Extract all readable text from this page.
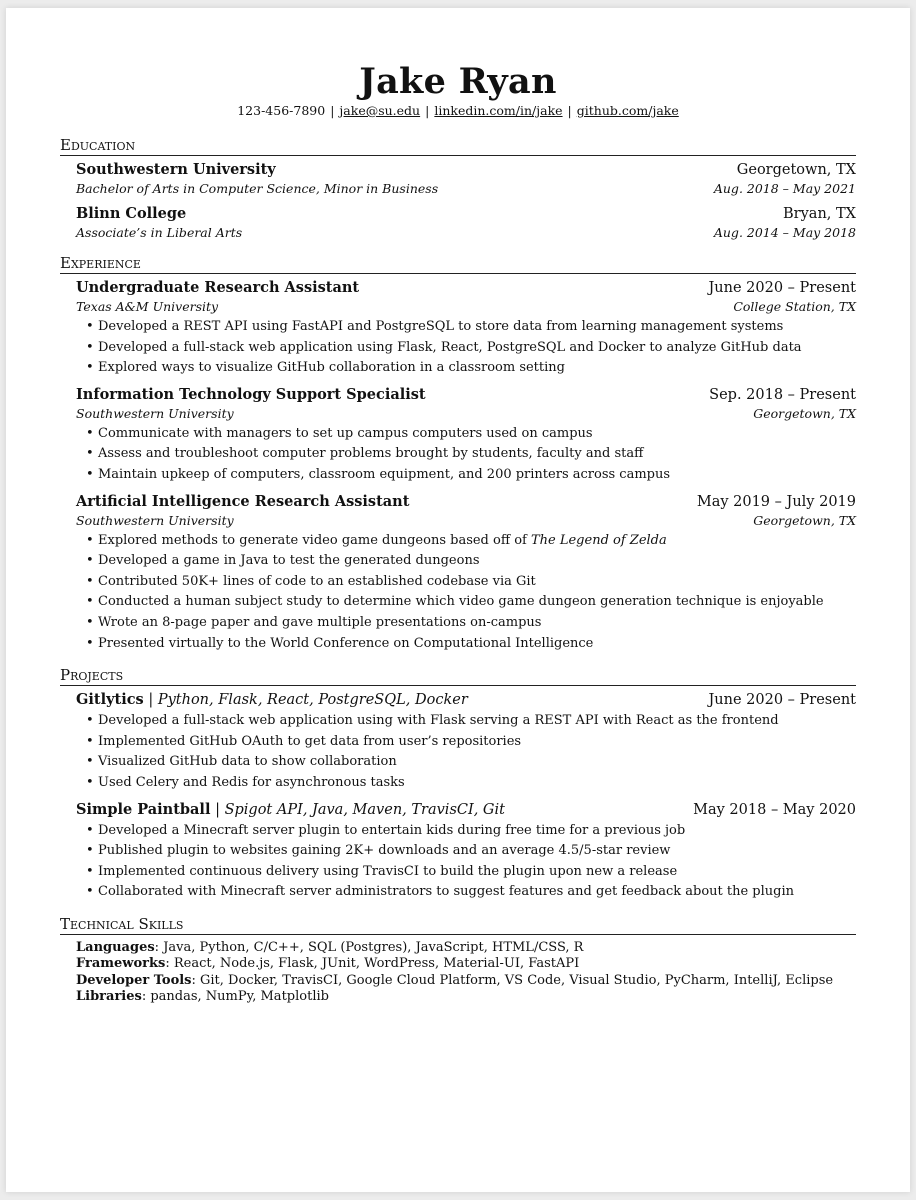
Jake Ryan
123-456-7890 | jake@su.edu | linkedin.com/in/jake | github.com/jake
Education
Southwestern University	Georgetown, TX
Bachelor of Arts in Computer Science, Minor in Business	Aug. 2018 – May 2021
Blinn College	Bryan, TX
Associate’s in Liberal Arts	Aug. 2014 – May 2018
Experience
Undergraduate Research Assistant	June 2020 – Present
Texas A&M University	College Station, TX
• Developed a REST API using FastAPI and PostgreSQL to store data from learning management systems
• Developed a full-stack web application using Flask, React, PostgreSQL and Docker to analyze GitHub data
• Explored ways to visualize GitHub collaboration in a classroom setting
Information Technology Support Specialist	Sep. 2018 – Present
Southwestern University	Georgetown, TX
• Communicate with managers to set up campus computers used on campus
• Assess and troubleshoot computer problems brought by students, faculty and staff
• Maintain upkeep of computers, classroom equipment, and 200 printers across campus
Artificial Intelligence Research Assistant	May 2019 – July 2019
Southwestern University	Georgetown, TX
• Explored methods to generate video game dungeons based off of The Legend of Zelda
• Developed a game in Java to test the generated dungeons
• Contributed 50K+ lines of code to an established codebase via Git
• Conducted a human subject study to determine which video game dungeon generation technique is enjoyable
• Wrote an 8-page paper and gave multiple presentations on-campus
• Presented virtually to the World Conference on Computational Intelligence
Projects
Gitlytics | Python, Flask, React, PostgreSQL, Docker	June 2020 – Present
• Developed a full-stack web application using with Flask serving a REST API with React as the frontend
• Implemented GitHub OAuth to get data from user’s repositories
• Visualized GitHub data to show collaboration
• Used Celery and Redis for asynchronous tasks
Simple Paintball | Spigot API, Java, Maven, TravisCI, Git	May 2018 – May 2020
• Developed a Minecraft server plugin to entertain kids during free time for a previous job
• Published plugin to websites gaining 2K+ downloads and an average 4.5/5-star review
• Implemented continuous delivery using TravisCI to build the plugin upon new a release
• Collaborated with Minecraft server administrators to suggest features and get feedback about the plugin
Technical Skills
Languages: Java, Python, C/C++, SQL (Postgres), JavaScript, HTML/CSS, R
Frameworks: React, Node.js, Flask, JUnit, WordPress, Material-UI, FastAPI
Developer Tools: Git, Docker, TravisCI, Google Cloud Platform, VS Code, Visual Studio, PyCharm, IntelliJ, Eclipse
Libraries: pandas, NumPy, Matplotlib
